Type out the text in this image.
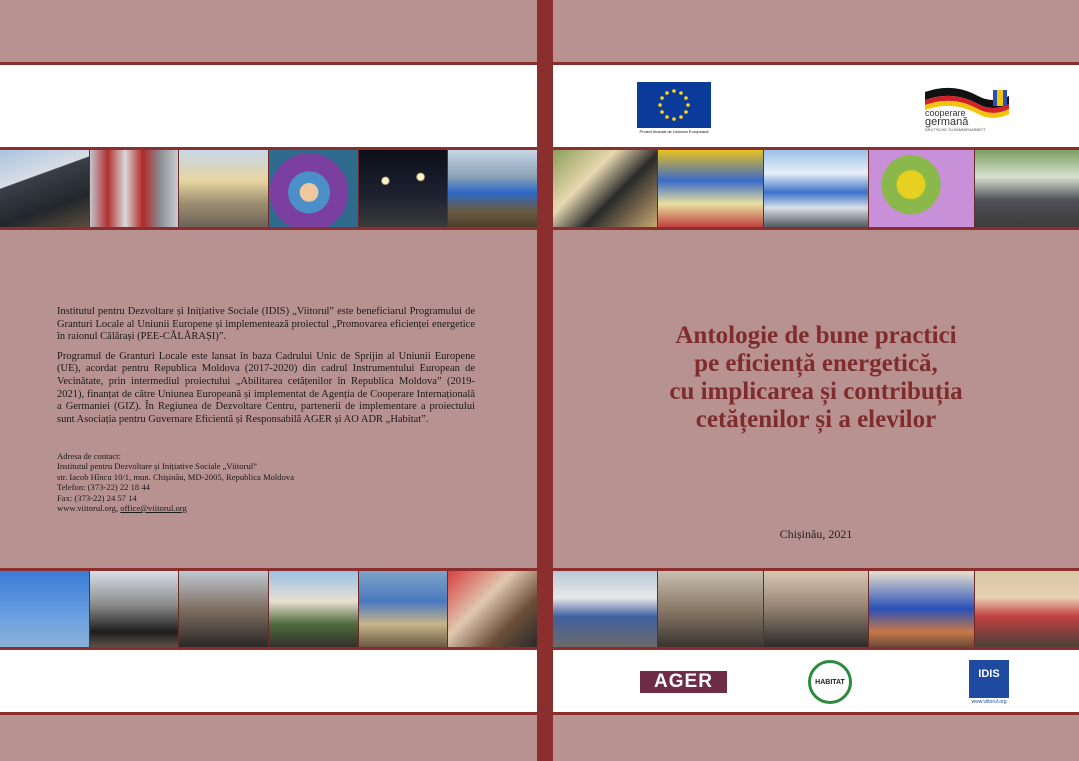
Institutul pentru Dezvoltare și Inițiative Sociale (IDIS) „Viitorul” este beneficiarul Programului de Granturi Locale al Uniunii Europene și implementează proiectul „Promovarea eficienței energetice în raionul Călărași (PEE-CĂLĂRAȘI)”.

Programul de Granturi Locale este lansat în baza Cadrului Unic de Sprijin al Uniunii Europene (UE), acordat pentru Republica Moldova (2017-2020) din cadrul Instrumentului European de Vecinătate, prin intermediul proiectului „Abilitarea cetățenilor în Republica Moldova” (2019-2021), finanțat de către Uniunea Europeană și implementat de Agenția de Cooperare Internațională a Germaniei (GIZ). În Regiunea de Dezvoltare Centru, partenerii de implementare a proiectului sunt Asociația pentru Guvernare Eficientă și Responsabilă AGER și AO ADR „Habitat”.

Adresa de contact:
Institutul pentru Dezvoltare și Inițiative Sociale „Viitorul”
str. Iacob Hîncu 10/1, mun. Chișinău, MD-2005, Republica Moldova
Telefon: (373-22) 22 18 44
Fax: (373-22) 24 57 14
www.viitorul.org, office@viitorul.org
Proiect finanțat de Uniunea Europeană
cooperare
germană
DEUTSCHE ZUSAMMENARBEIT
Antologie de bune practici
pe eficiență energetică,
cu implicarea și contribuția
cetățenilor și a elevilor
Chișinău, 2021
AGER	HABITAT
IDIS
www.viitorul.org
